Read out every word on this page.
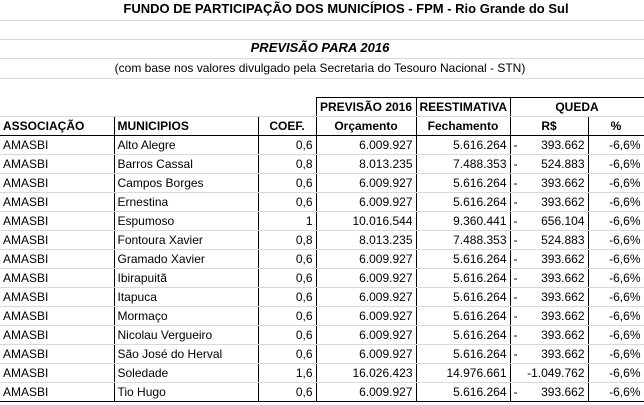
FUNDO DE PARTICIPAÇÃO DOS MUNICÍPIOS - FPM - Rio Grande do Sul
PREVISÃO PARA 2016
(com base nos valores divulgado pela Secretaria do Tesouro Nacional - STN)
			PREVISÃO 2016	REESTIMATIVA	QUEDA	
ASSOCIAÇÃO	MUNICIPIOS	COEF.	Orçamento	Fechamento	R$	%
AMASBI	Alto Alegre	0,6	6.009.927	5.616.264	- 393.662	-6,6%
AMASBI	Barros Cassal	0,8	8.013.235	7.488.353	- 524.883	-6,6%
AMASBI	Campos Borges	0,6	6.009.927	5.616.264	- 393.662	-6,6%
AMASBI	Ernestina	0,6	6.009.927	5.616.264	- 393.662	-6,6%
AMASBI	Espumoso	1	10.016.544	9.360.441	- 656.104	-6,6%
AMASBI	Fontoura Xavier	0,8	8.013.235	7.488.353	- 524.883	-6,6%
AMASBI	Gramado Xavier	0,6	6.009.927	5.616.264	- 393.662	-6,6%
AMASBI	Ibirapuitã	0,6	6.009.927	5.616.264	- 393.662	-6,6%
AMASBI	Itapuca	0,6	6.009.927	5.616.264	- 393.662	-6,6%
AMASBI	Mormaço	0,6	6.009.927	5.616.264	- 393.662	-6,6%
AMASBI	Nicolau Vergueiro	0,6	6.009.927	5.616.264	- 393.662	-6,6%
AMASBI	São José do Herval	0,6	6.009.927	5.616.264	- 393.662	-6,6%
AMASBI	Soledade	1,6	16.026.423	14.976.661	-1.049.762	-6,6%
AMASBI	Tio Hugo	0,6	6.009.927	5.616.264	- 393.662	-6,6%
